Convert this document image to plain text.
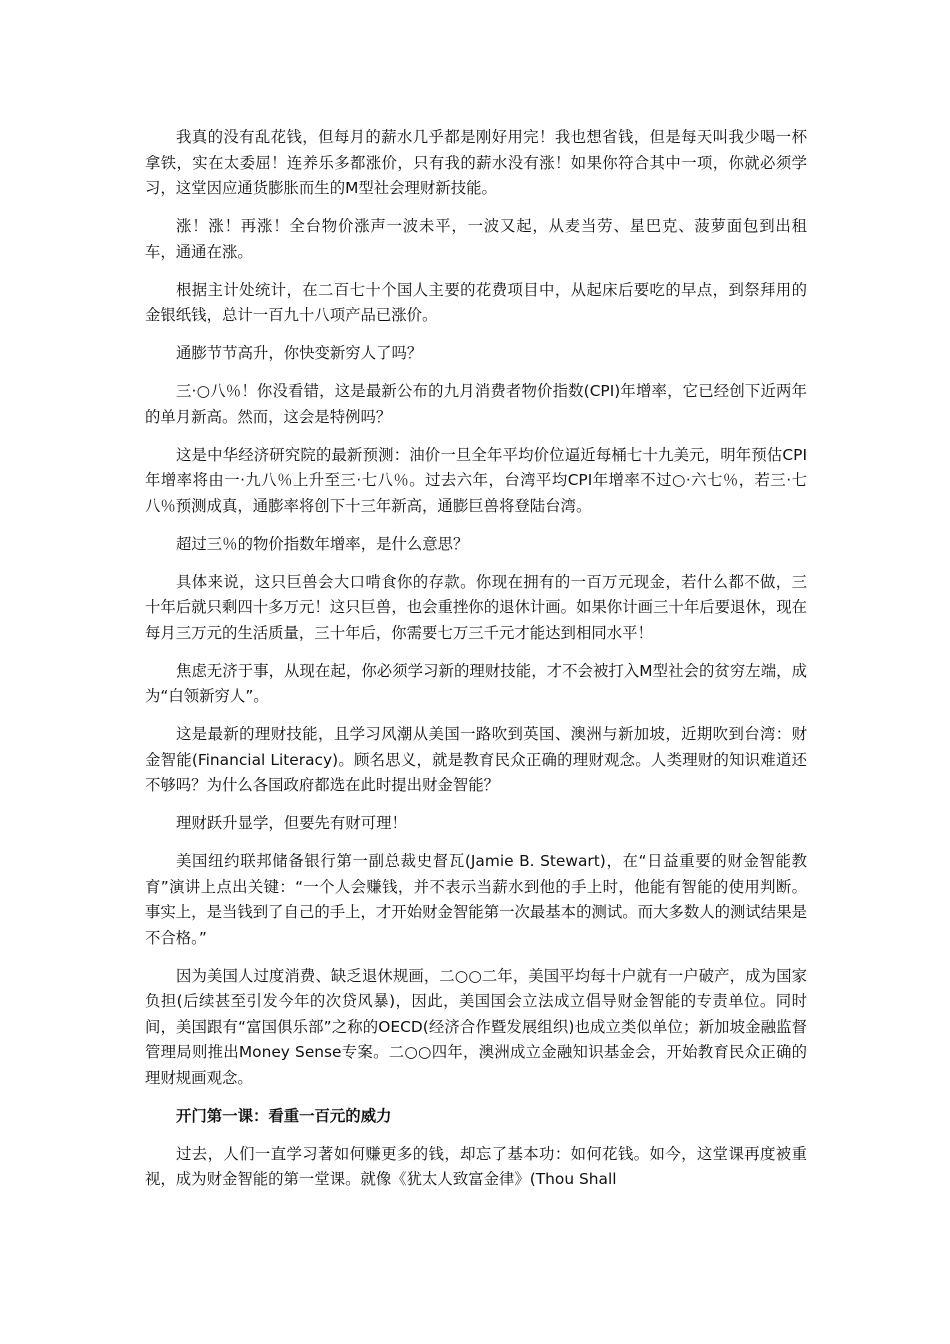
我真的没有乱花钱，但每月的薪水几乎都是刚好用完！我也想省钱，但是每天叫我少喝一杯拿铁，实在太委屈！连养乐多都涨价，只有我的薪水没有涨！如果你符合其中一项，你就必须学习，这堂因应通货膨胀而生的M型社会理财新技能。

涨！涨！再涨！全台物价涨声一波未平，一波又起，从麦当劳、星巴克、菠萝面包到出租车，通通在涨。

根据主计处统计，在二百七十个国人主要的花费项目中，从起床后要吃的早点，到祭拜用的金银纸钱，总计一百九十八项产品已涨价。

通膨节节高升，你快变新穷人了吗？

三·○八％！你没看错，这是最新公布的九月消费者物价指数(CPI)年增率，它已经创下近两年的单月新高。然而，这会是特例吗？

这是中华经济研究院的最新预测：油价一旦全年平均价位逼近每桶七十九美元，明年预估CPI年增率将由一·九八％上升至三·七八％。过去六年，台湾平均CPI年增率不过○·六七％，若三·七八％预测成真，通膨率将创下十三年新高，通膨巨兽将登陆台湾。

超过三％的物价指数年增率，是什么意思？

具体来说，这只巨兽会大口啃食你的存款。你现在拥有的一百万元现金，若什么都不做，三十年后就只剩四十多万元！这只巨兽，也会重挫你的退休计画。如果你计画三十年后要退休，现在每月三万元的生活质量，三十年后，你需要七万三千元才能达到相同水平！

焦虑无济于事，从现在起，你必须学习新的理财技能，才不会被打入M型社会的贫穷左端，成为“白领新穷人”。

这是最新的理财技能，且学习风潮从美国一路吹到英国、澳洲与新加坡，近期吹到台湾：财金智能(Financial Literacy)。顾名思义，就是教育民众正确的理财观念。人类理财的知识难道还不够吗？为什么各国政府都选在此时提出财金智能？

理财跃升显学，但要先有财可理！

美国纽约联邦储备银行第一副总裁史督瓦(Jamie B. Stewart)，在“日益重要的财金智能教育”演讲上点出关键：“一个人会赚钱，并不表示当薪水到他的手上时，他能有智能的使用判断。事实上，是当钱到了自己的手上，才开始财金智能第一次最基本的测试。而大多数人的测试结果是不合格。”

因为美国人过度消费、缺乏退休规画，二○○二年，美国平均每十户就有一户破产，成为国家负担(后续甚至引发今年的次贷风暴)，因此，美国国会立法成立倡导财金智能的专责单位。同时间，美国跟有“富国俱乐部”之称的OECD(经济合作暨发展组织)也成立类似单位；新加坡金融监督管理局则推出Money Sense专案。二○○四年，澳洲成立金融知识基金会，开始教育民众正确的理财规画观念。

开门第一课：看重一百元的威力

过去，人们一直学习著如何赚更多的钱，却忘了基本功：如何花钱。如今，这堂课再度被重视，成为财金智能的第一堂课。就像《犹太人致富金律》(Thou Shall
